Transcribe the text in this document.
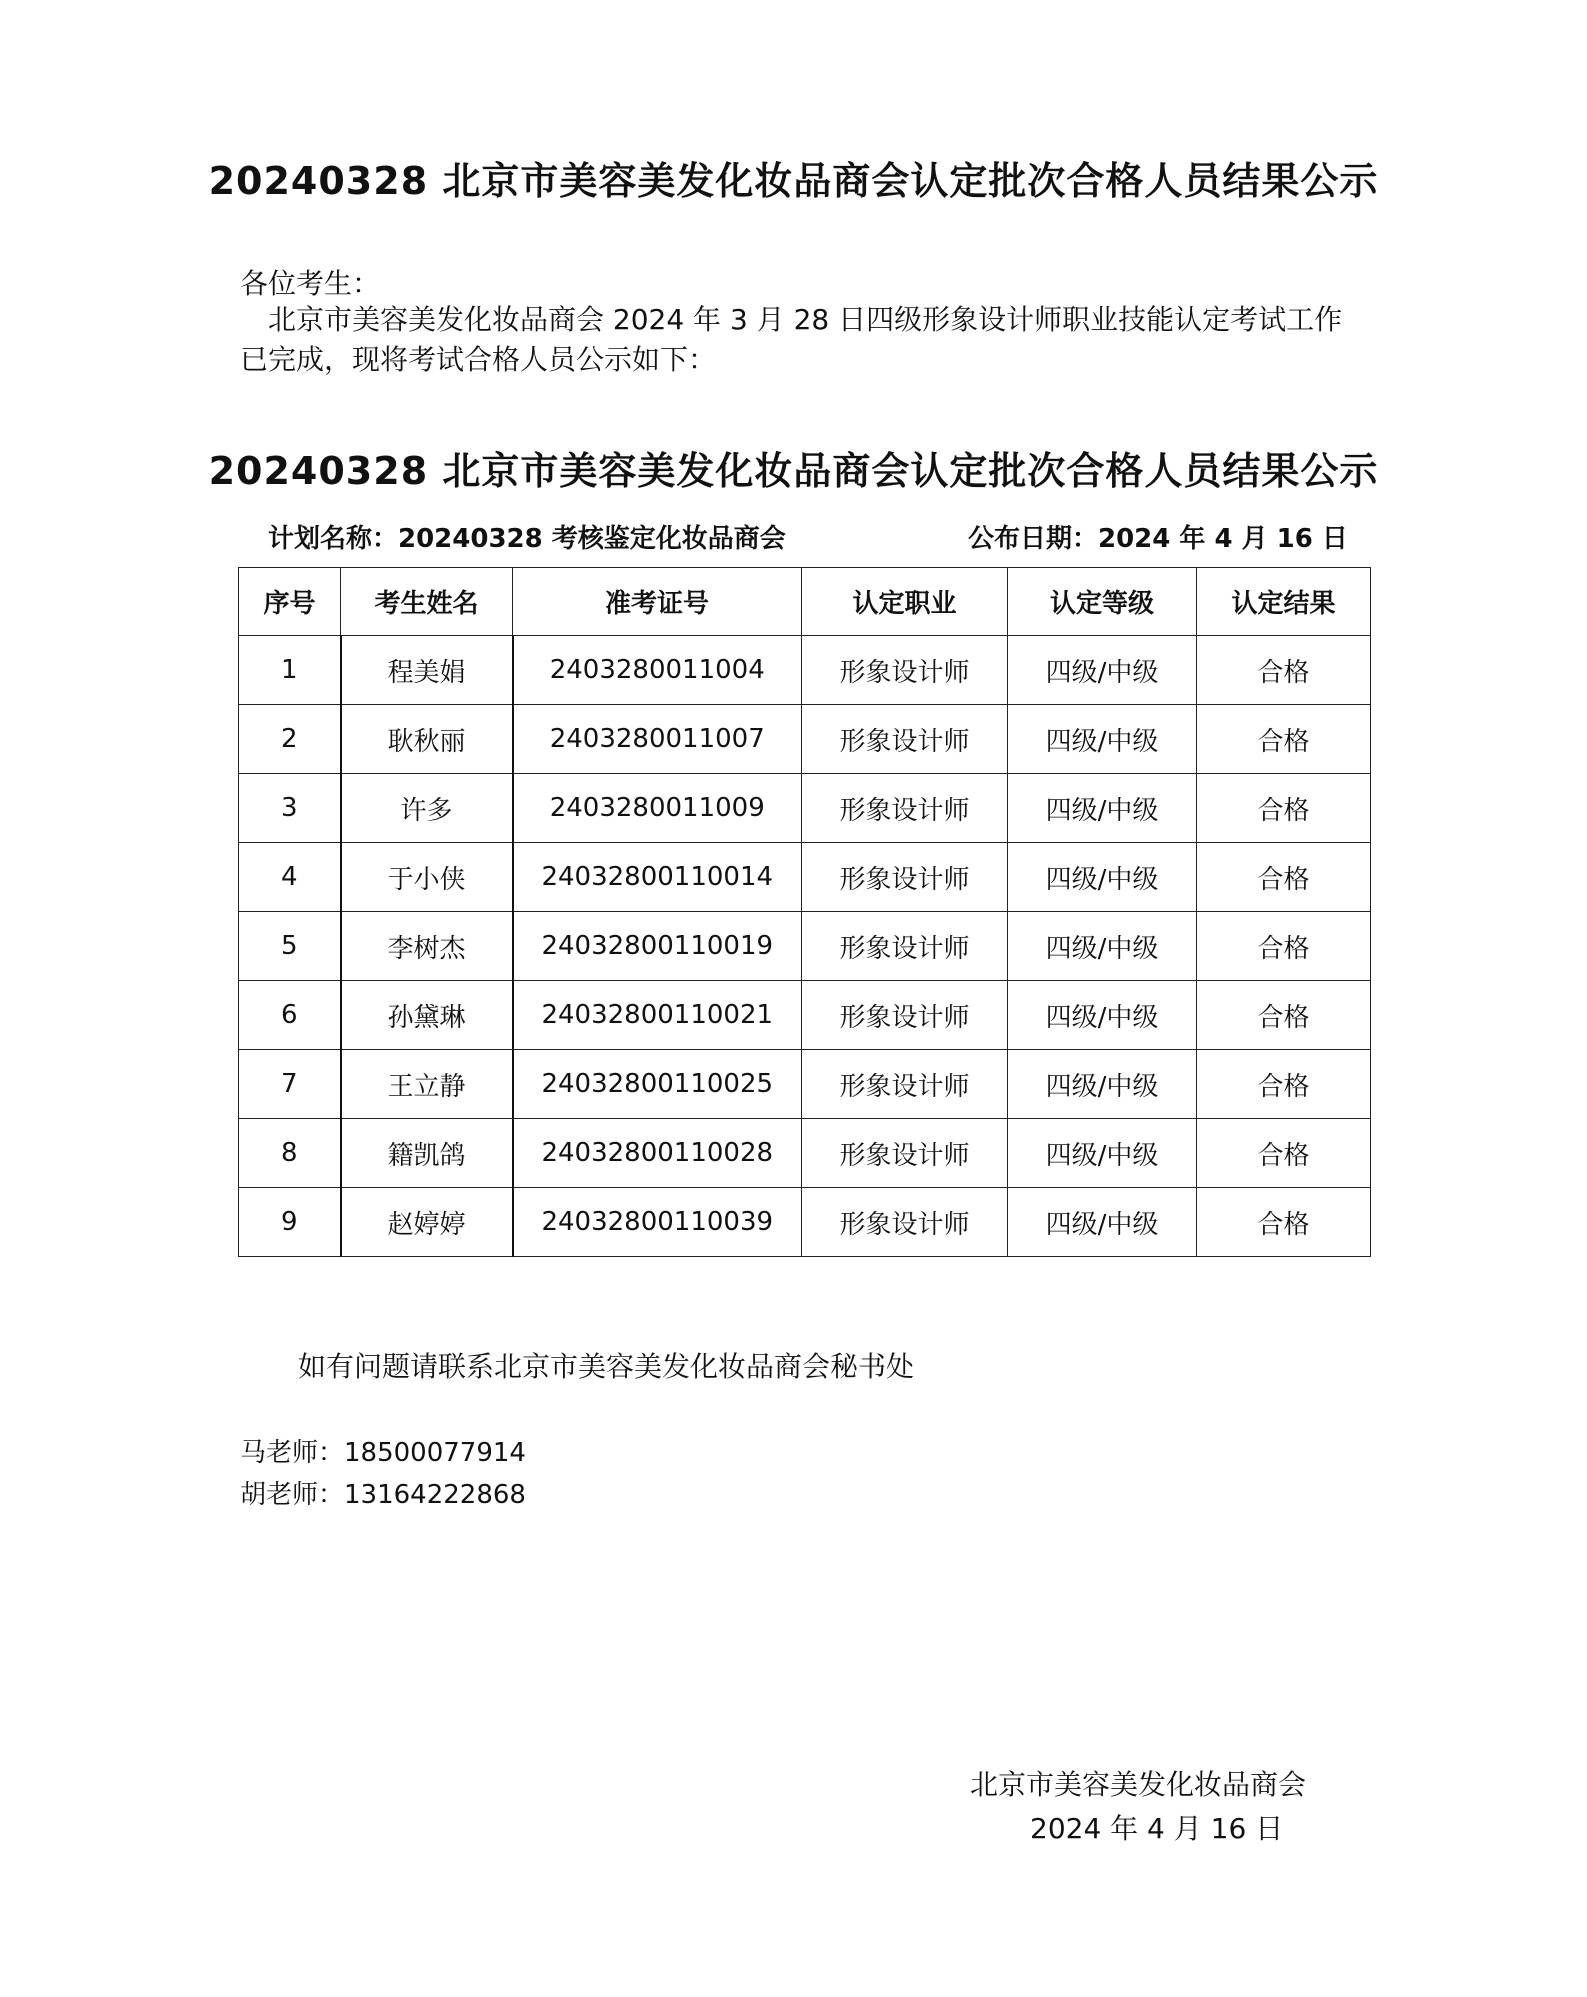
20240328 北京市美容美发化妆品商会认定批次合格人员结果公示
各位考生：
北京市美容美发化妆品商会 2024 年 3 月 28 日四级形象设计师职业技能认定考试工作
已完成，现将考试合格人员公示如下：
20240328 北京市美容美发化妆品商会认定批次合格人员结果公示
计划名称：20240328 考核鉴定化妆品商会	公布日期：2024 年 4 月 16 日
序号	考生姓名	准考证号	认定职业	认定等级	认定结果
1	程美娟	2403280011004	形象设计师	四级/中级	合格
2	耿秋丽	2403280011007	形象设计师	四级/中级	合格
3	许多	2403280011009	形象设计师	四级/中级	合格
4	于小侠	24032800110014	形象设计师	四级/中级	合格
5	李树杰	24032800110019	形象设计师	四级/中级	合格
6	孙黛琳	24032800110021	形象设计师	四级/中级	合格
7	王立静	24032800110025	形象设计师	四级/中级	合格
8	籍凯鸽	24032800110028	形象设计师	四级/中级	合格
9	赵婷婷	24032800110039	形象设计师	四级/中级	合格
如有问题请联系北京市美容美发化妆品商会秘书处
马老师：18500077914
胡老师：13164222868
北京市美容美发化妆品商会
2024 年 4 月 16 日
